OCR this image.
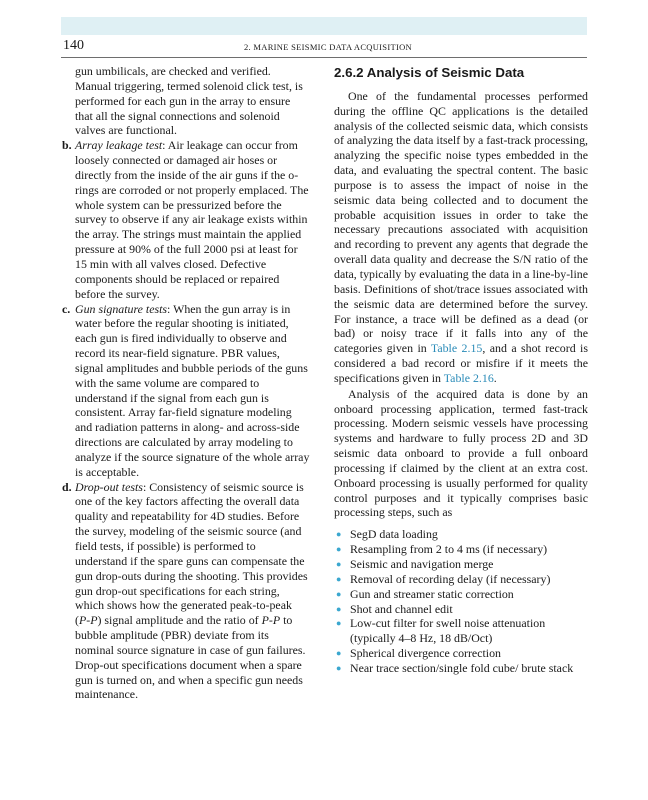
140	2. MARINE SEISMIC DATA ACQUISITION
gun umbilicals, are checked and verified. Manual triggering, termed solenoid click test, is performed for each gun in the array to ensure that all the signal connections and solenoid valves are functional.
b. Array leakage test: Air leakage can occur from loosely connected or damaged air hoses or directly from the inside of the air guns if the o-rings are corroded or not properly emplaced. The whole system can be pressurized before the survey to observe if any air leakage exists within the array. The strings must maintain the applied pressure at 90% of the full 2000 psi at least for 15 min with all valves closed. Defective components should be replaced or repaired before the survey.
c. Gun signature tests: When the gun array is in water before the regular shooting is initiated, each gun is fired individually to observe and record its near-field signature. PBR values, signal amplitudes and bubble periods of the guns with the same volume are compared to understand if the signal from each gun is consistent. Array far-field signature modeling and radiation patterns in along- and across-side directions are calculated by array modeling to analyze if the source signature of the whole array is acceptable.
d. Drop-out tests: Consistency of seismic source is one of the key factors affecting the overall data quality and repeatability for 4D studies. Before the survey, modeling of the seismic source (and field tests, if possible) is performed to understand if the spare guns can compensate the gun drop-outs during the shooting. This provides gun drop-out specifications for each string, which shows how the generated peak-to-peak (P-P) signal amplitude and the ratio of P-P to bubble amplitude (PBR) deviate from its nominal source signature in case of gun failures. Drop-out specifications document when a spare gun is turned on, and when a specific gun needs maintenance.
2.6.2 Analysis of Seismic Data

One of the fundamental processes performed during the offline QC applications is the detailed analysis of the collected seismic data, which consists of analyzing the data itself by a fast-track processing, analyzing the specific noise types embedded in the data, and evaluating the spectral content. The basic purpose is to assess the impact of noise in the seismic data being collected and to document the probable acquisition issues in order to take the necessary precautions associated with acquisition and recording to prevent any agents that degrade the overall data quality and decrease the S/N ratio of the data, typically by evaluating the data in a line-by-line basis. Definitions of shot/trace issues associated with the seismic data are determined before the survey. For instance, a trace will be defined as a dead (or bad) or noisy trace if it falls into any of the categories given in Table 2.15, and a shot record is considered a bad record or misfire if it meets the specifications given in Table 2.16.

Analysis of the acquired data is done by an onboard processing application, termed fast-track processing. Modern seismic vessels have processing systems and hardware to fully process 2D and 3D seismic data onboard to provide a full onboard processing if claimed by the client at an extra cost. Onboard processing is usually performed for quality control purposes and it typically comprises basic processing steps, such as

● SegD data loading
● Resampling from 2 to 4 ms (if necessary)
● Seismic and navigation merge
● Removal of recording delay (if necessary)
● Gun and streamer static correction
● Shot and channel edit
● Low-cut filter for swell noise attenuation (typically 4–8 Hz, 18 dB/Oct)
● Spherical divergence correction
● Near trace section/single fold cube/ brute stack
